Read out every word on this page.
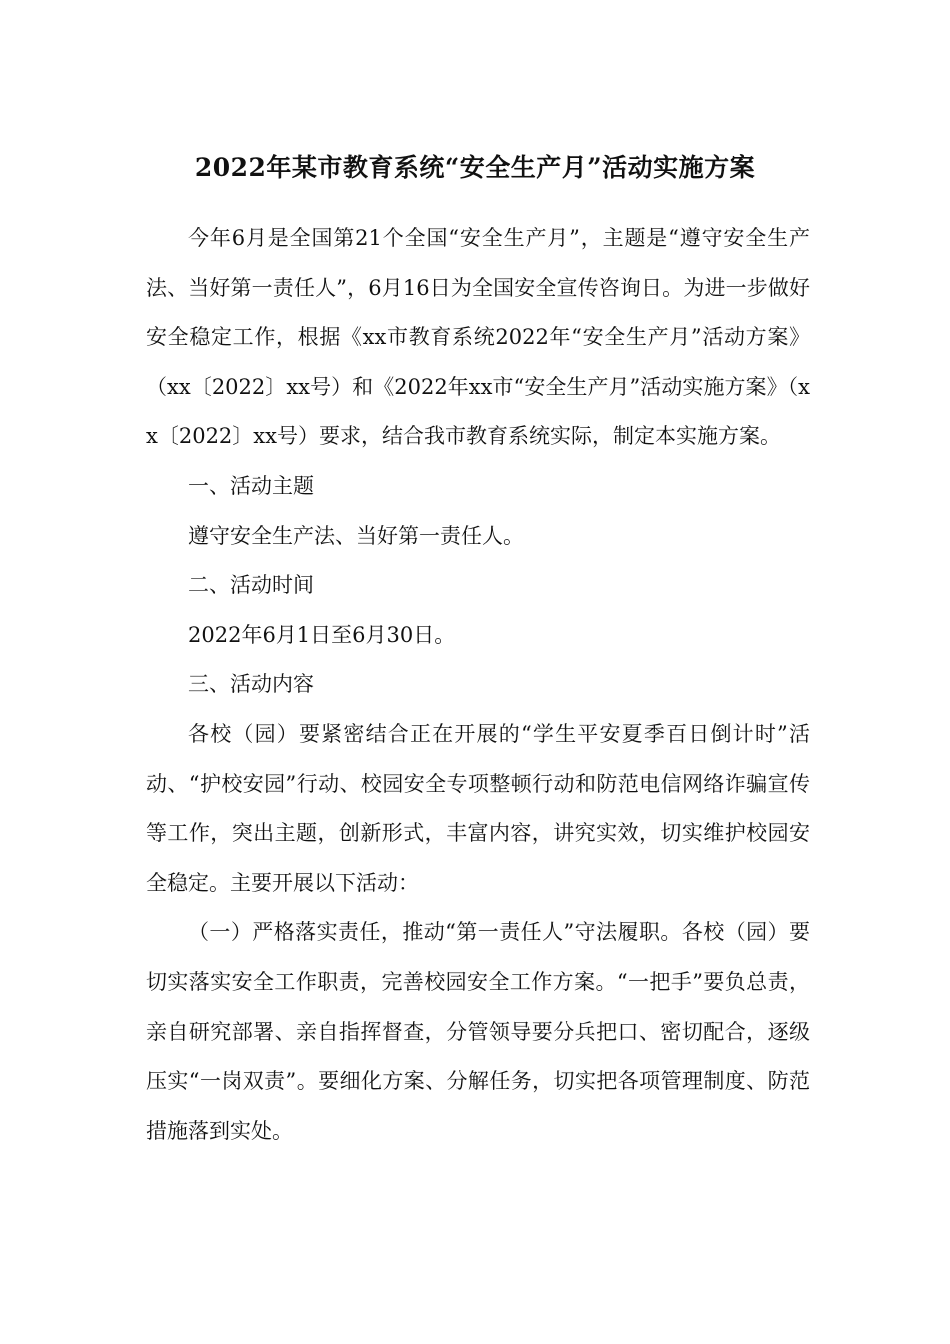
2022年某市教育系统“安全生产月”活动实施方案

今年6月是全国第21个全国“安全生产月”，主题是“遵守安全生产法、当好第一责任人”，6月16日为全国安全宣传咨询日。为进一步做好安全稳定工作，根据《xx市教育系统2022年“安全生产月”活动方案》（xx〔2022〕xx号）和《2022年xx市“安全生产月”活动实施方案》（xx〔2022〕xx号）要求，结合我市教育系统实际，制定本实施方案。

一、活动主题

遵守安全生产法、当好第一责任人。

二、活动时间

2022年6月1日至6月30日。

三、活动内容

各校（园）要紧密结合正在开展的“学生平安夏季百日倒计时”活动、“护校安园”行动、校园安全专项整顿行动和防范电信网络诈骗宣传等工作，突出主题，创新形式，丰富内容，讲究实效，切实维护校园安全稳定。主要开展以下活动：

（一）严格落实责任，推动“第一责任人”守法履职。各校（园）要切实落实安全工作职责，完善校园安全工作方案。“一把手”要负总责，亲自研究部署、亲自指挥督查，分管领导要分兵把口、密切配合，逐级压实“一岗双责”。要细化方案、分解任务，切实把各项管理制度、防范措施落到实处。
